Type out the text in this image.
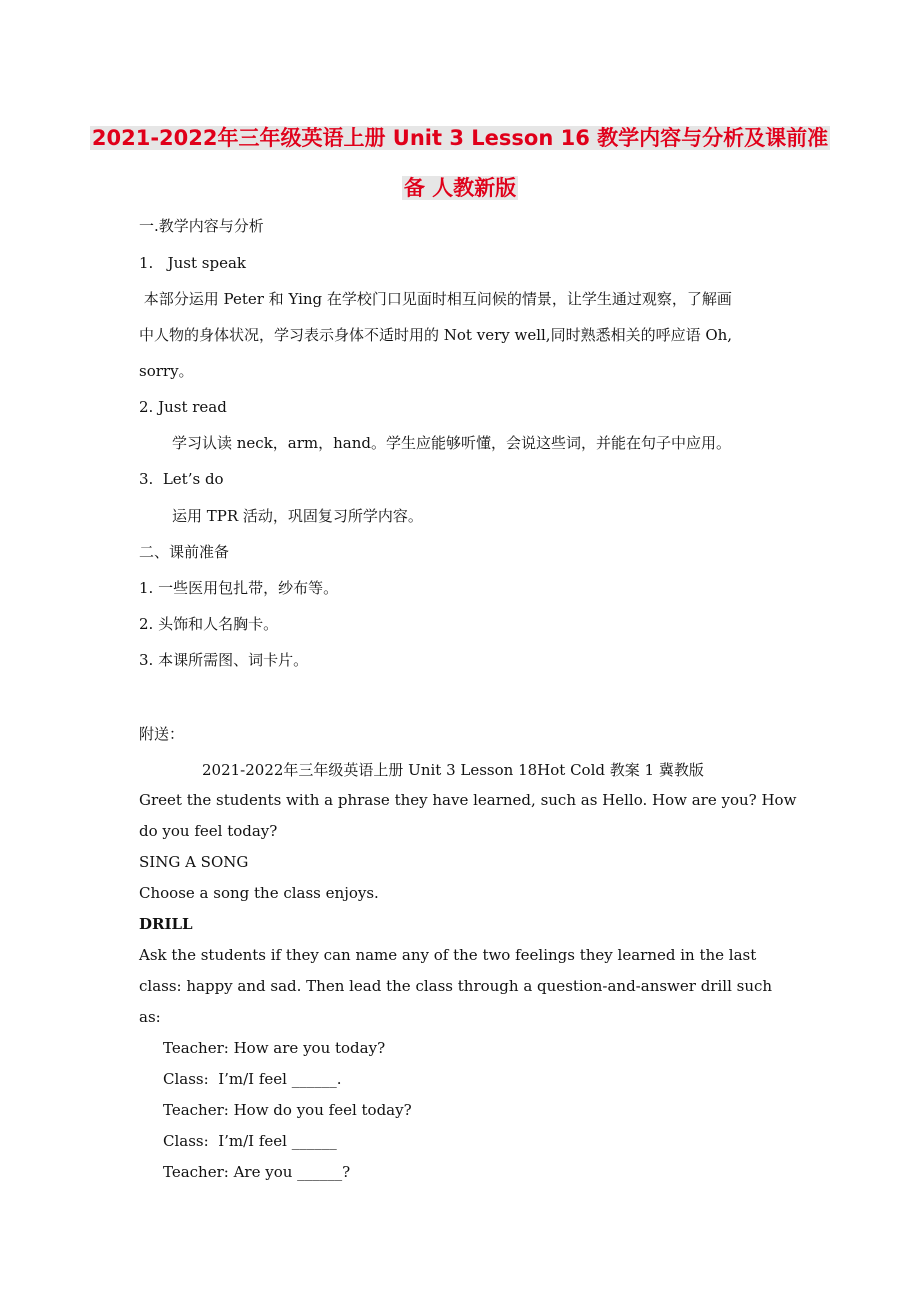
2021-2022年三年级英语上册 Unit 3 Lesson 16 教学内容与分析及课前准
备 人教新版
一.教学内容与分析
1.   Just speak
本部分运用 Peter 和 Ying 在学校门口见面时相互问候的情景，让学生通过观察，了解画
中人物的身体状况，学习表示身体不适时用的 Not very well,同时熟悉相关的呼应语 Oh,
sorry。
2. Just read
学习认读 neck，arm，hand。学生应能够听懂，会说这些词，并能在句子中应用。
3.  Let’s do
运用 TPR 活动，巩固复习所学内容。
二、课前准备
1. 一些医用包扎带，纱布等。
2. 头饰和人名胸卡。
3. 本课所需图、词卡片。
附送：
2021-2022年三年级英语上册 Unit 3 Lesson 18Hot Cold 教案 1 冀教版
Greet the students with a phrase they have learned, such as Hello. How are you? How
do you feel today?
SING A SONG
Choose a song the class enjoys.
DRILL
Ask the students if they can name any of the two feelings they learned in the last
class: happy and sad. Then lead the class through a question-and-answer drill such
as:
Teacher: How are you today?
Class:  I’m/I feel ______.
Teacher: How do you feel today?
Class:  I’m/I feel ______
Teacher: Are you ______?
